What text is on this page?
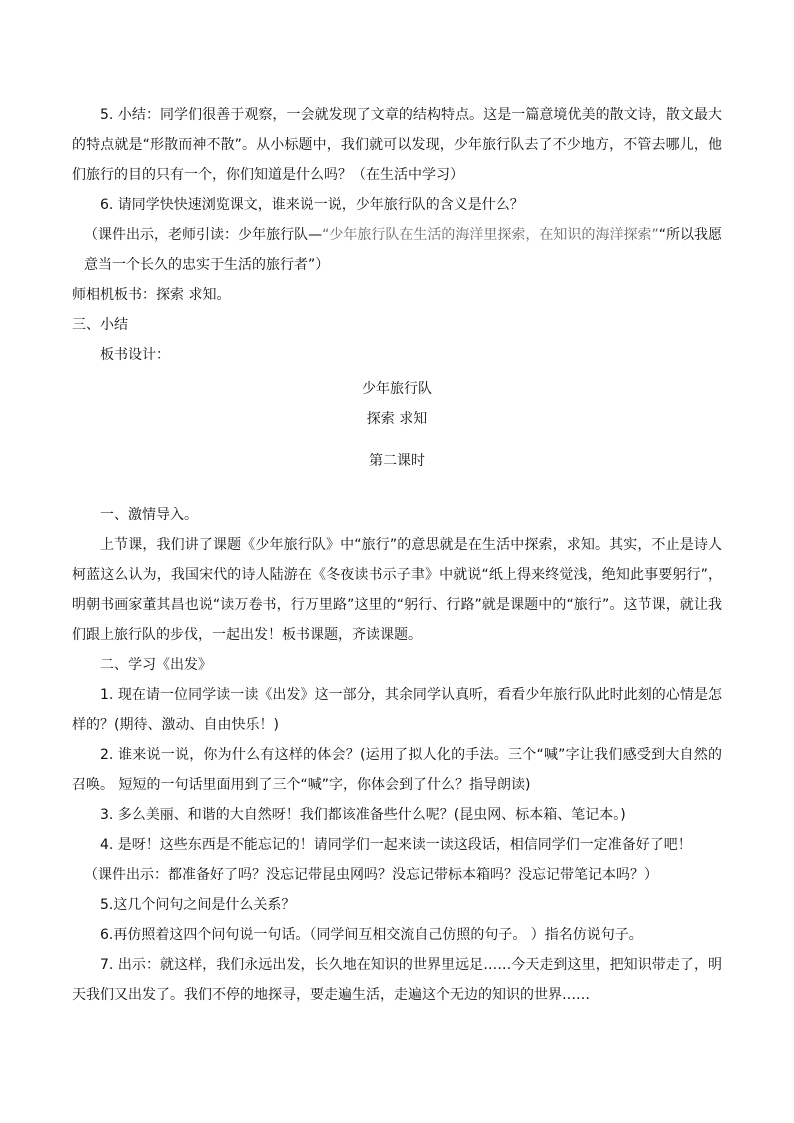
5. 小结：同学们很善于观察，一会就发现了文章的结构特点。这是一篇意境优美的散文诗，散文最大的特点就是“形散而神不散”。从小标题中，我们就可以发现，少年旅行队去了不少地方，不管去哪儿，他们旅行的目的只有一个，你们知道是什么吗？（在生活中学习）

6. 请同学快快速浏览课文，谁来说一说，少年旅行队的含义是什么？

（课件出示，老师引读：少年旅行队—“少年旅行队在生活的海洋里探索，在知识的海洋探索”“所以我愿意当一个长久的忠实于生活的旅行者”）

师相机板书：探索 求知。

三、小结

板书设计：

少年旅行队

探索 求知

第二课时

一、激情导入。

上节课，我们讲了课题《少年旅行队》中“旅行”的意思就是在生活中探索，求知。其实，不止是诗人柯蓝这么认为，我国宋代的诗人陆游在《冬夜读书示子聿》中就说“纸上得来终觉浅，绝知此事要躬行”，明朝书画家董其昌也说“读万卷书，行万里路”这里的“躬行、行路”就是课题中的“旅行”。这节课，就让我们跟上旅行队的步伐，一起出发！板书课题，齐读课题。

二、学习《出发》

1. 现在请一位同学读一读《出发》这一部分，其余同学认真听，看看少年旅行队此时此刻的心情是怎样的？(期待、激动、自由快乐！)

2. 谁来说一说，你为什么有这样的体会？(运用了拟人化的手法。三个“喊”字让我们感受到大自然的召唤。 短短的一句话里面用到了三个“喊”字，你体会到了什么？指导朗读)

3. 多么美丽、和谐的大自然呀！我们都该准备些什么呢？(昆虫网、标本箱、笔记本。)

4. 是呀！这些东西是不能忘记的！请同学们一起来读一读这段话，相信同学们一定准备好了吧！

（课件出示：都准备好了吗？没忘记带昆虫网吗？没忘记带标本箱吗？没忘记带笔记本吗？）

5.这几个问句之间是什么关系？

6.再仿照着这四个问句说一句话。（同学间互相交流自己仿照的句子。 ）指名仿说句子。

7. 出示：就这样，我们永远出发，长久地在知识的世界里远足……今天走到这里，把知识带走了，明天我们又出发了。我们不停的地探寻，要走遍生活，走遍这个无边的知识的世界……
